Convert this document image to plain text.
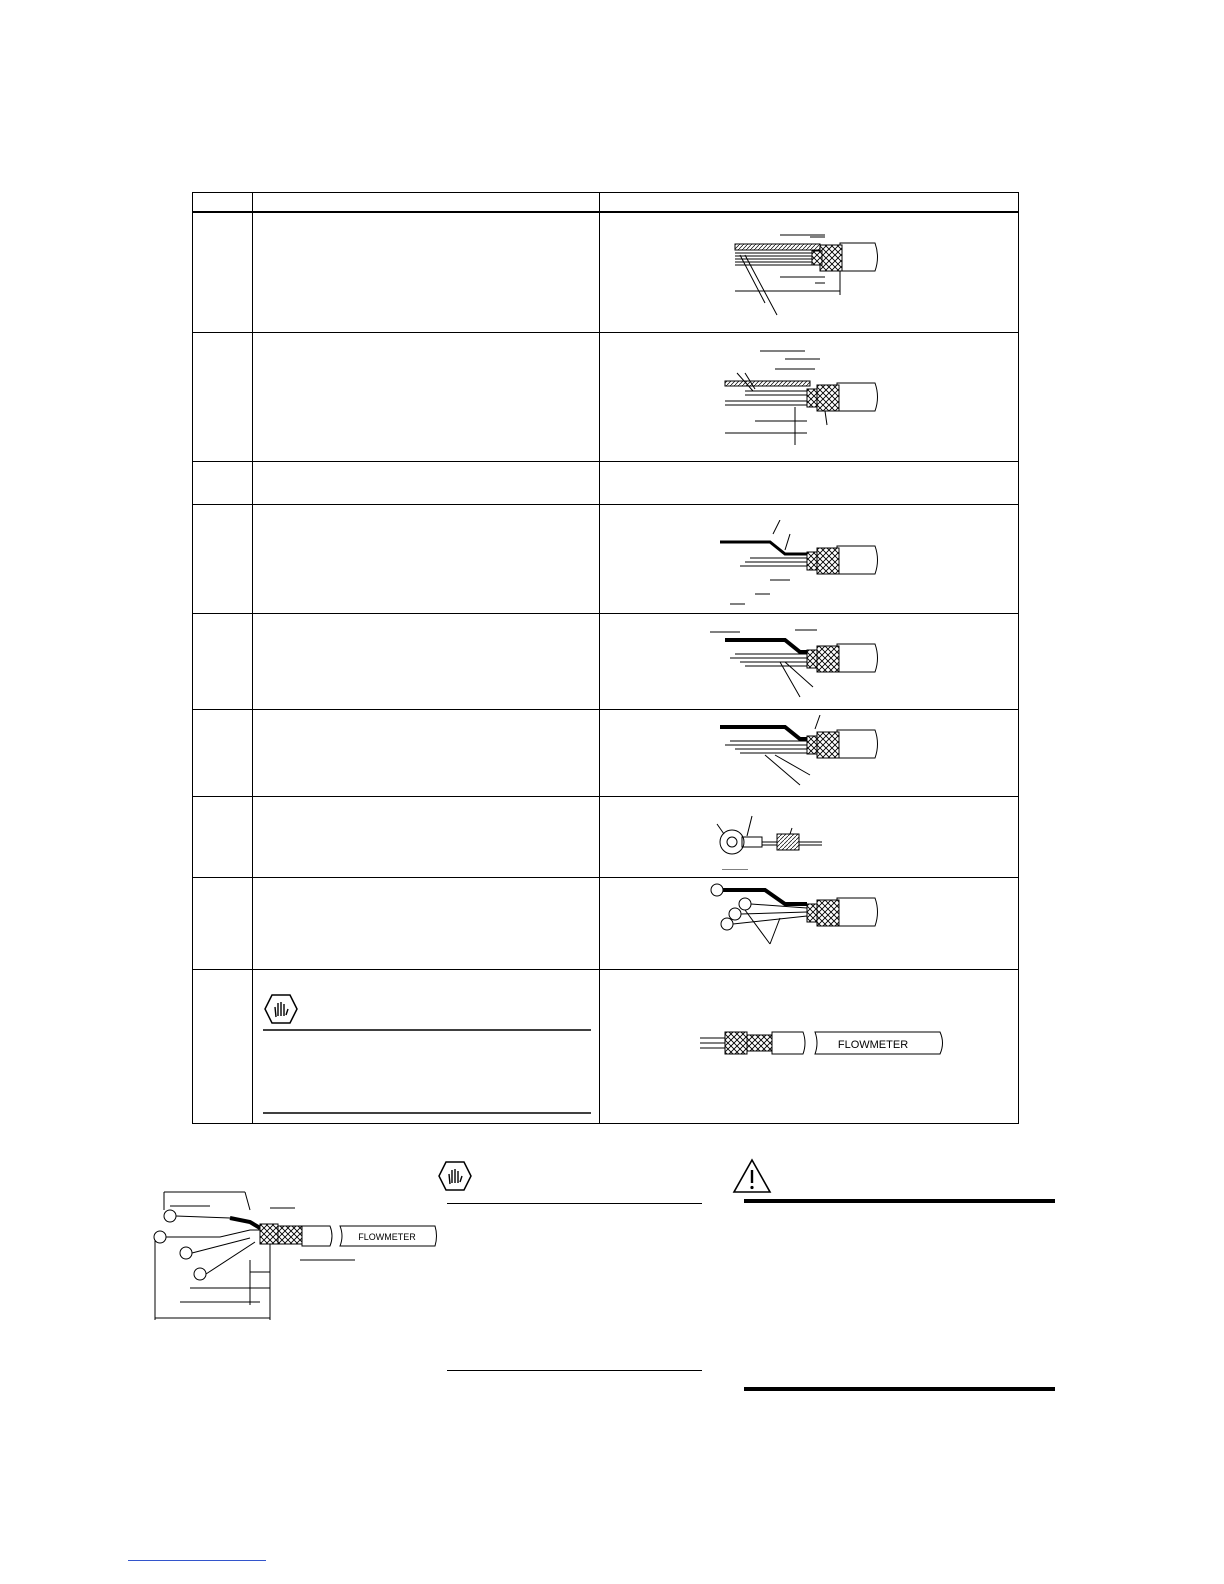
FLOWMETER
FLOWMETER
